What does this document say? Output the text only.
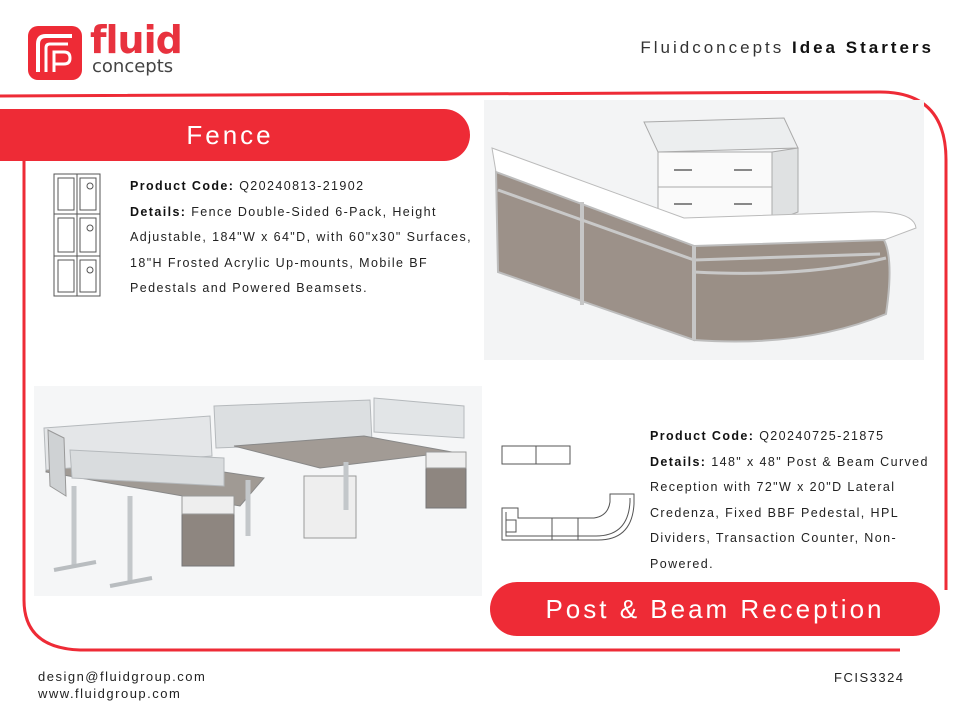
fluid
concepts
Fluidconcepts Idea Starters
Fence
Product Code: Q20240813-21902
Details: Fence Double-Sided 6-Pack, Height Adjustable, 184"W x 64"D, with 60"x30" Surfaces, 18"H Frosted Acrylic Up-mounts, Mobile BF Pedestals and Powered Beamsets.
Product Code: Q20240725-21875
Details: 148" x 48" Post & Beam Curved Reception with 72"W x 20"D Lateral Credenza, Fixed BBF Pedestal, HPL Dividers, Transaction Counter, Non-Powered.
Post & Beam Reception
design@fluidgroup.com
www.fluidgroup.com
FCIS3324
